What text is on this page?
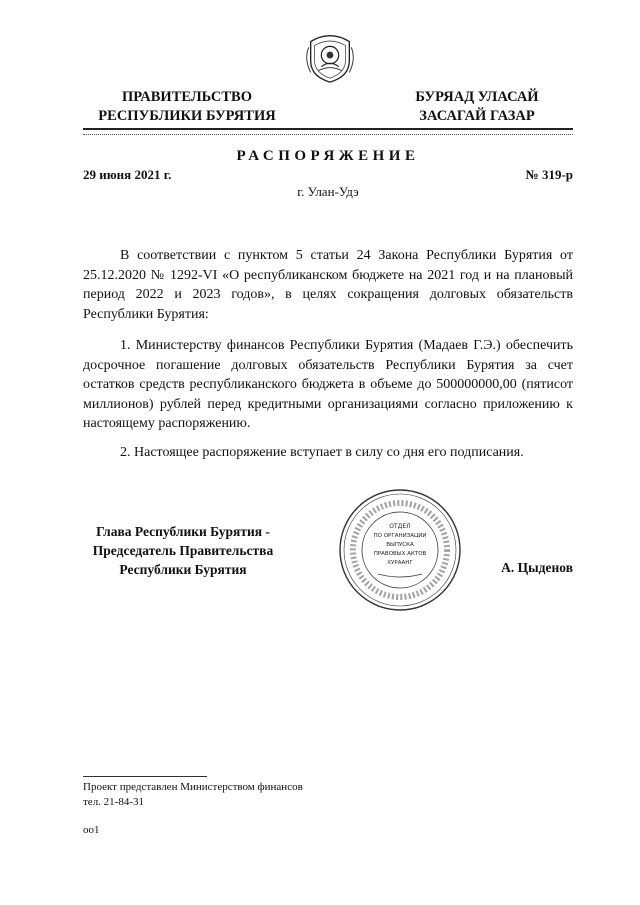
ПРАВИТЕЛЬСТВО
РЕСПУБЛИКИ БУРЯТИЯ
БУРЯАД УЛАСАЙ
ЗАСАГАЙ ГАЗАР
РАСПОРЯЖЕНИЕ
29 июня 2021 г.	№ 319-р
г. Улан-Удэ

В соответствии с пунктом 5 статьи 24 Закона Республики Бурятия от 25.12.2020 № 1292-VI «О республиканском бюджете на 2021 год и на плановый период 2022 и 2023 годов», в целях сокращения долговых обязательств Республики Бурятия:

1. Министерству финансов Республики Бурятия (Мадаев Г.Э.) обеспечить досрочное погашение долговых обязательств Республики Бурятия за счет остатков средств республиканского бюджета в объеме до 500000000,00 (пятисот миллионов) рублей перед кредитными организациями согласно приложению к настоящему распоряжению.

2. Настоящее распоряжение вступает в силу со дня его подписания.

Глава Республики Бурятия -
Председатель Правительства
Республики Бурятия	А. Цыденов
ОТДЕЛ
ПО ОРГАНИЗАЦИИ
ВЫПУСКА
ПРАВОВЫХ АКТОВ
ХУРААНГ
Проект представлен Министерством финансов
тел. 21-84-31
оо1
